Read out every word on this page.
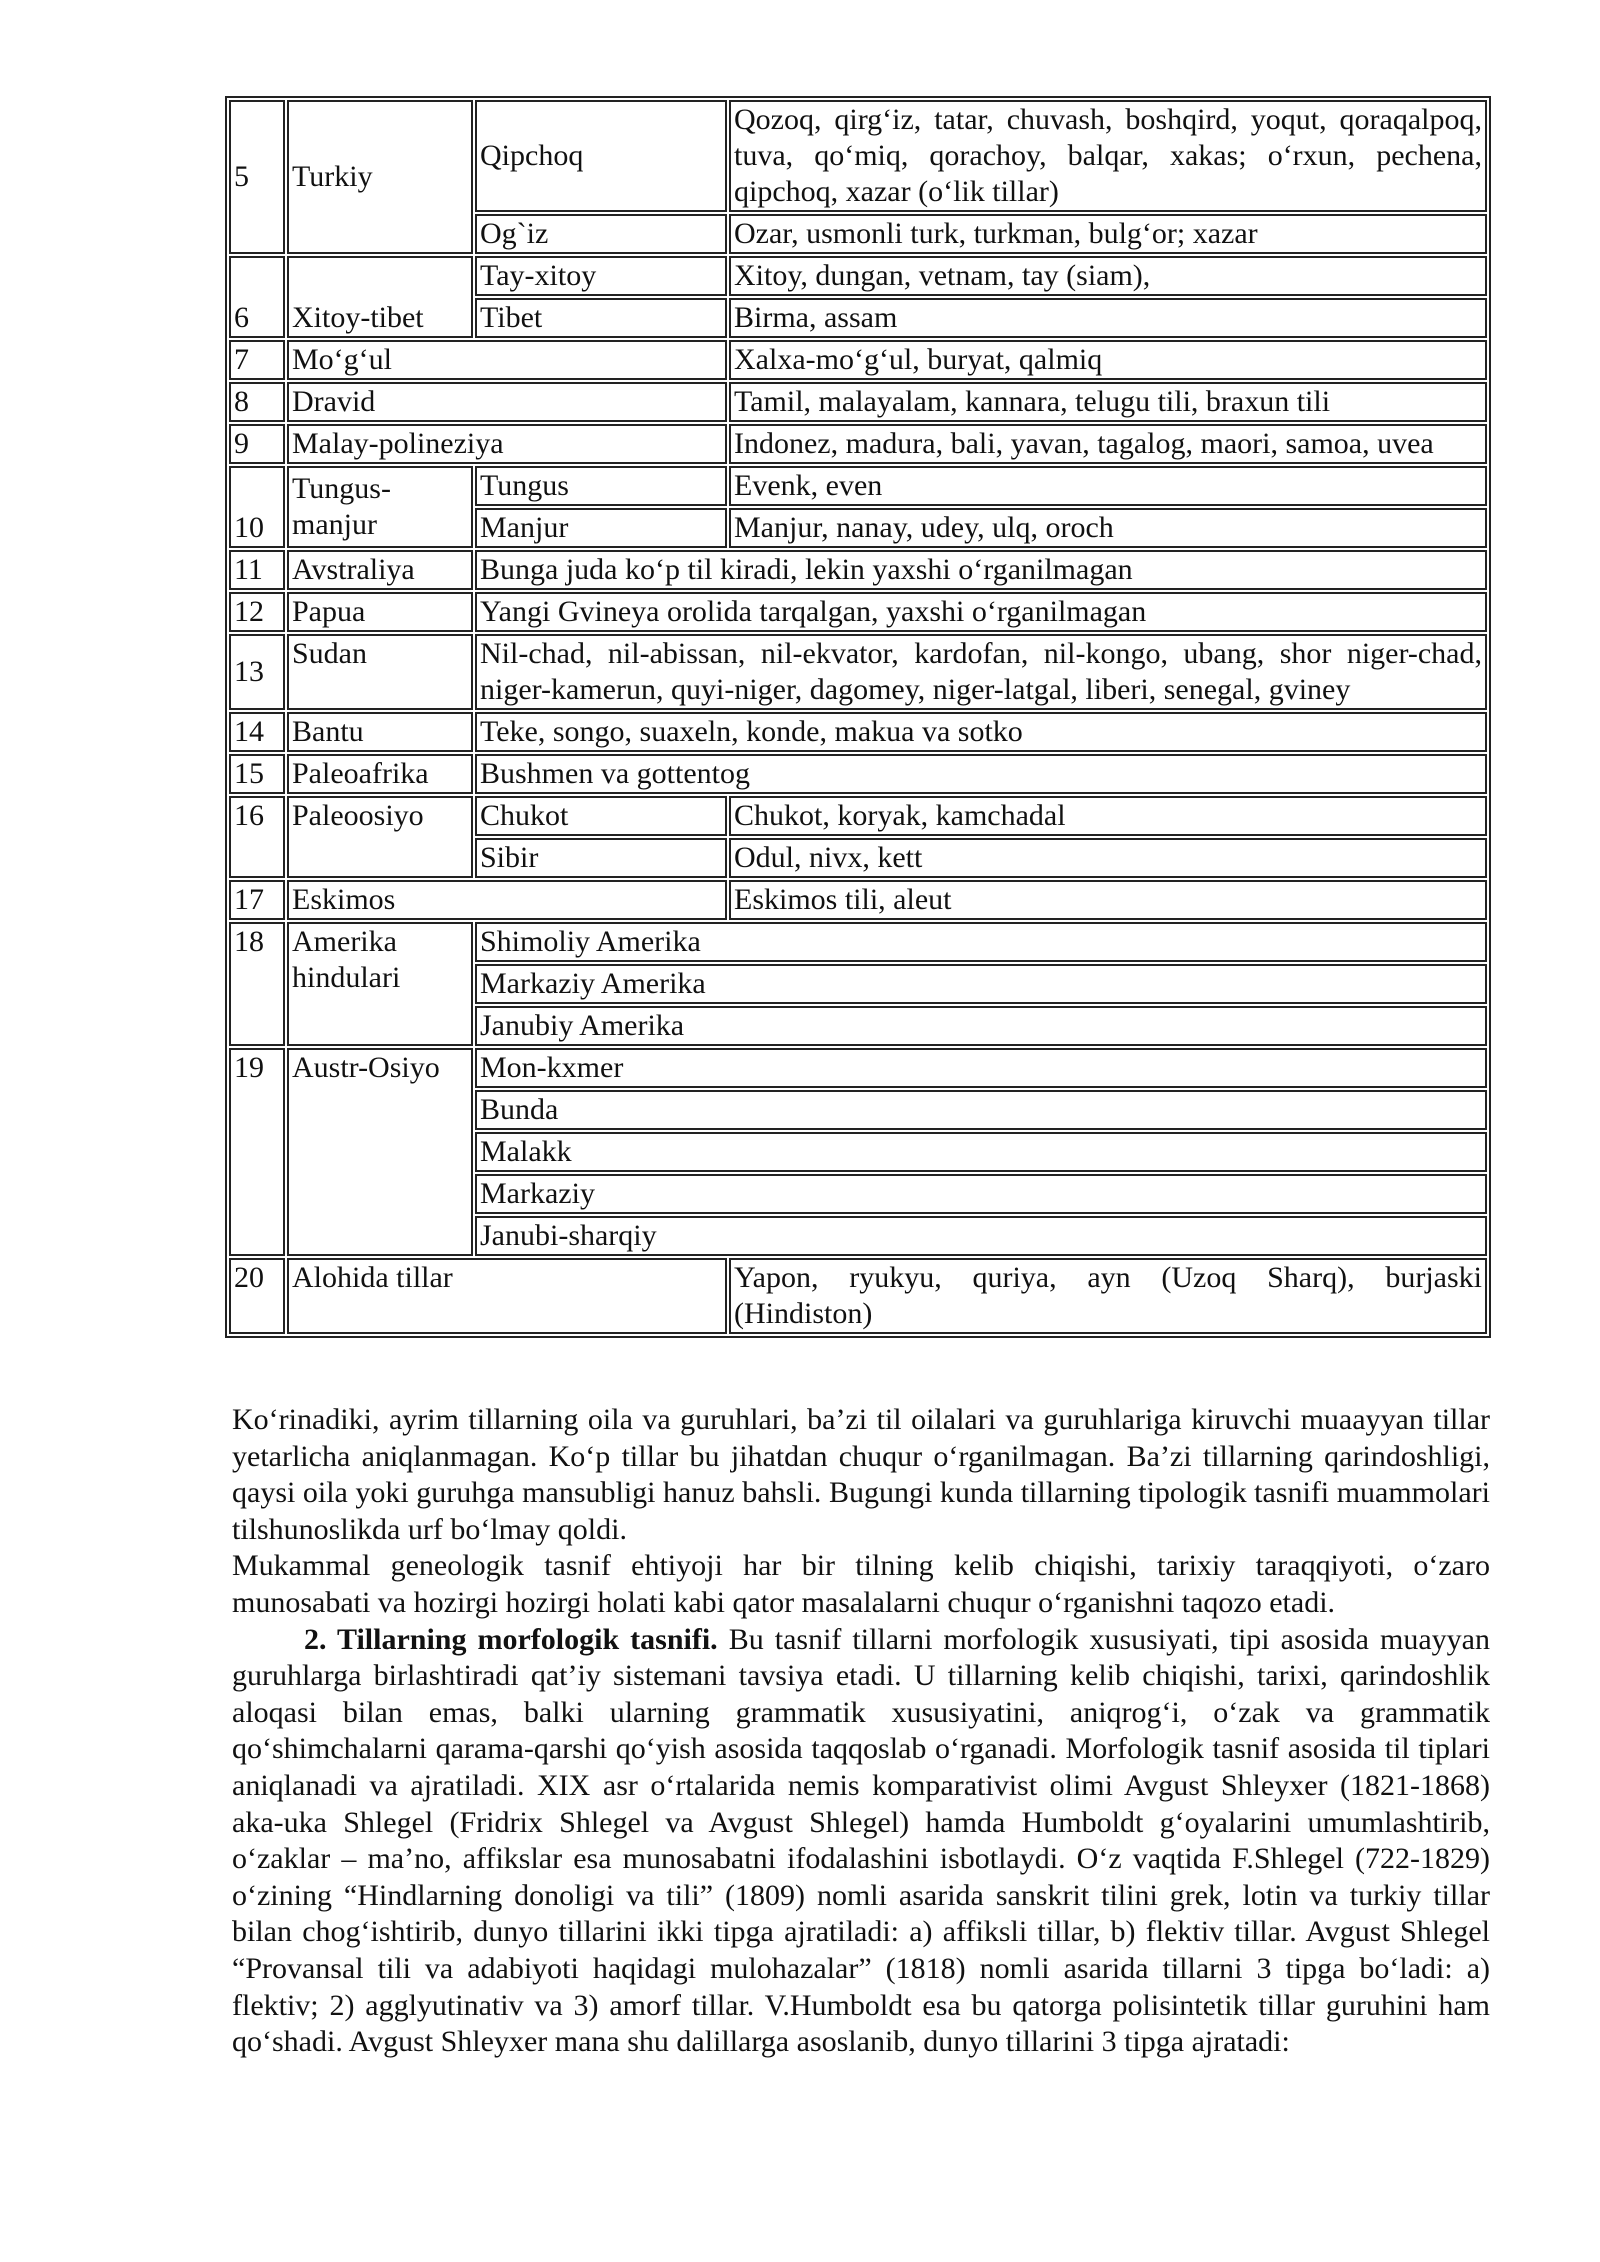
5	Turkiy	Qipchoq	Qozoq, qirg‘iz, tatar, chuvash, boshqird, yoqut, qoraqalpoq, tuva, qo‘miq, qorachoy, balqar, xakas; o‘rxun, pechena, qipchoq, xazar (o‘lik tillar)
		Og`iz	Ozar, usmonli turk, turkman, bulg‘or; xazar
6	Xitoy-tibet	Tay-xitoy	Xitoy, dungan, vetnam, tay (siam),
		Tibet	Birma, assam
7	Mo‘g‘ul		Xalxa-mo‘g‘ul, buryat, qalmiq
8	Dravid		Tamil, malayalam, kannara, telugu tili, braxun tili
9	Malay-polineziya		Indonez, madura, bali, yavan, tagalog, maori, samoa, uvea
10	Tungus-manjur	Tungus	Evenk, even
		Manjur	Manjur, nanay, udey, ulq, oroch
11	Avstraliya	Bunga juda ko‘p til kiradi, lekin yaxshi o‘rganilmagan	
12	Papua	Yangi Gvineya orolida tarqalgan, yaxshi o‘rganilmagan	
13	Sudan	Nil-chad, nil-abissan, nil-ekvator, kardofan, nil-kongo, ubang, shor niger-chad, niger-kamerun, quyi-niger, dagomey, niger-latgal, liberi, senegal, gviney	
14	Bantu	Teke, songo, suaxeln, konde, makua va sotko	
15	Paleoafrika	Bushmen va gottentog	
16	Paleoosiyo	Chukot	Chukot, koryak, kamchadal
		Sibir	Odul, nivx, kett
17	Eskimos		Eskimos tili, aleut
18	Amerika hindulari	Shimoliy Amerika	
		Markaziy Amerika	
		Janubiy Amerika	
19	Austr-Osiyo	Mon-kxmer	
		Bunda	
		Malakk	
		Markaziy	
		Janubi-sharqiy	
20	Alohida tillar		Yapon, ryukyu, quriya, ayn (Uzoq Sharq), burjaski (Hindiston)

Ko‘rinadiki, ayrim tillarning oila va guruhlari, ba’zi til oilalari va guruhlariga kiruvchi muaayyan tillar yetarlicha aniqlanmagan. Ko‘p tillar bu jihatdan chuqur o‘rganilmagan. Ba’zi tillarning qarindoshligi, qaysi oila yoki guruhga mansubligi hanuz bahsli. Bugungi kunda tillarning tipologik tasnifi muammolari tilshunoslikda urf bo‘lmay qoldi.

Mukammal geneologik tasnif ehtiyoji har bir tilning kelib chiqishi, tarixiy taraqqiyoti, o‘zaro munosabati va hozirgi hozirgi holati kabi qator masalalarni chuqur o‘rganishni taqozo etadi.

2. Tillarning morfologik tasnifi. Bu tasnif tillarni morfologik xususiyati, tipi asosida muayyan guruhlarga birlashtiradi qat’iy sistemani tavsiya etadi. U tillarning kelib chiqishi, tarixi, qarindoshlik aloqasi bilan emas, balki ularning grammatik xususiyatini, aniqrog‘i, o‘zak va grammatik qo‘shimchalarni qarama-qarshi qo‘yish asosida taqqoslab o‘rganadi. Morfologik tasnif asosida til tiplari aniqlanadi va ajratiladi. XIX asr o‘rtalarida nemis komparativist olimi Avgust Shleyxer (1821-1868) aka-uka Shlegel (Fridrix Shlegel va Avgust Shlegel) hamda Humboldt g‘oyalarini umumlashtirib, o‘zaklar – ma’no, affikslar esa munosabatni ifodalashini isbotlaydi. O‘z vaqtida F.Shlegel (722-1829) o‘zining “Hindlarning donoligi va tili” (1809) nomli asarida sanskrit tilini grek, lotin va turkiy tillar bilan chog‘ishtirib, dunyo tillarini ikki tipga ajratiladi: a) affiksli tillar, b) flektiv tillar. Avgust Shlegel “Provansal tili va adabiyoti haqidagi mulohazalar” (1818) nomli asarida tillarni 3 tipga bo‘ladi: a) flektiv; 2) agglyutinativ va 3) amorf tillar. V.Humboldt esa bu qatorga polisintetik tillar guruhini ham qo‘shadi. Avgust Shleyxer mana shu dalillarga asoslanib, dunyo tillarini 3 tipga ajratadi:
